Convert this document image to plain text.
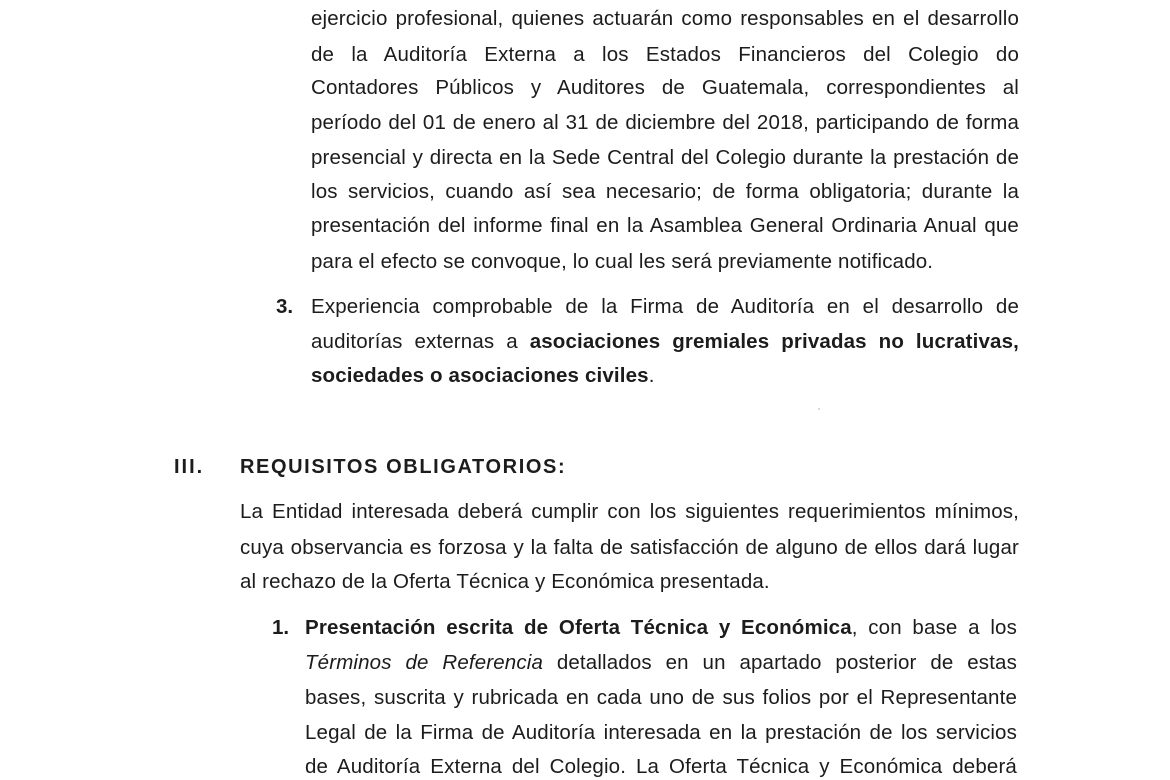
ejercicio profesional, quienes actuarán como responsables en el desarrollo
de la Auditoría Externa a los Estados Financieros del Colegio do
Contadores Públicos y Auditores de Guatemala, correspondientes al
período del 01 de enero al 31 de diciembre del 2018, participando de forma
presencial y directa en la Sede Central del Colegio durante la prestación de
los servicios, cuando así sea necesario; de forma obligatoria; durante la
presentación del informe final en la Asamblea General Ordinaria Anual que
para el efecto se convoque, lo cual les será previamente notificado.
3. Experiencia comprobable de la Firma de Auditoría en el desarrollo de
auditorías externas a asociaciones gremiales privadas no lucrativas,
sociedades o asociaciones civiles.
III. REQUISITOS OBLIGATORIOS:
La Entidad interesada deberá cumplir con los siguientes requerimientos mínimos,
cuya observancia es forzosa y la falta de satisfacción de alguno de ellos dará lugar
al rechazo de la Oferta Técnica y Económica presentada.
1. Presentación escrita de Oferta Técnica y Económica, con base a los
Términos de Referencia detallados en un apartado posterior de estas
bases, suscrita y rubricada en cada uno de sus folios por el Representante
Legal de la Firma de Auditoría interesada en la prestación de los servicios
de Auditoría Externa del Colegio. La Oferta Técnica y Económica deberá
